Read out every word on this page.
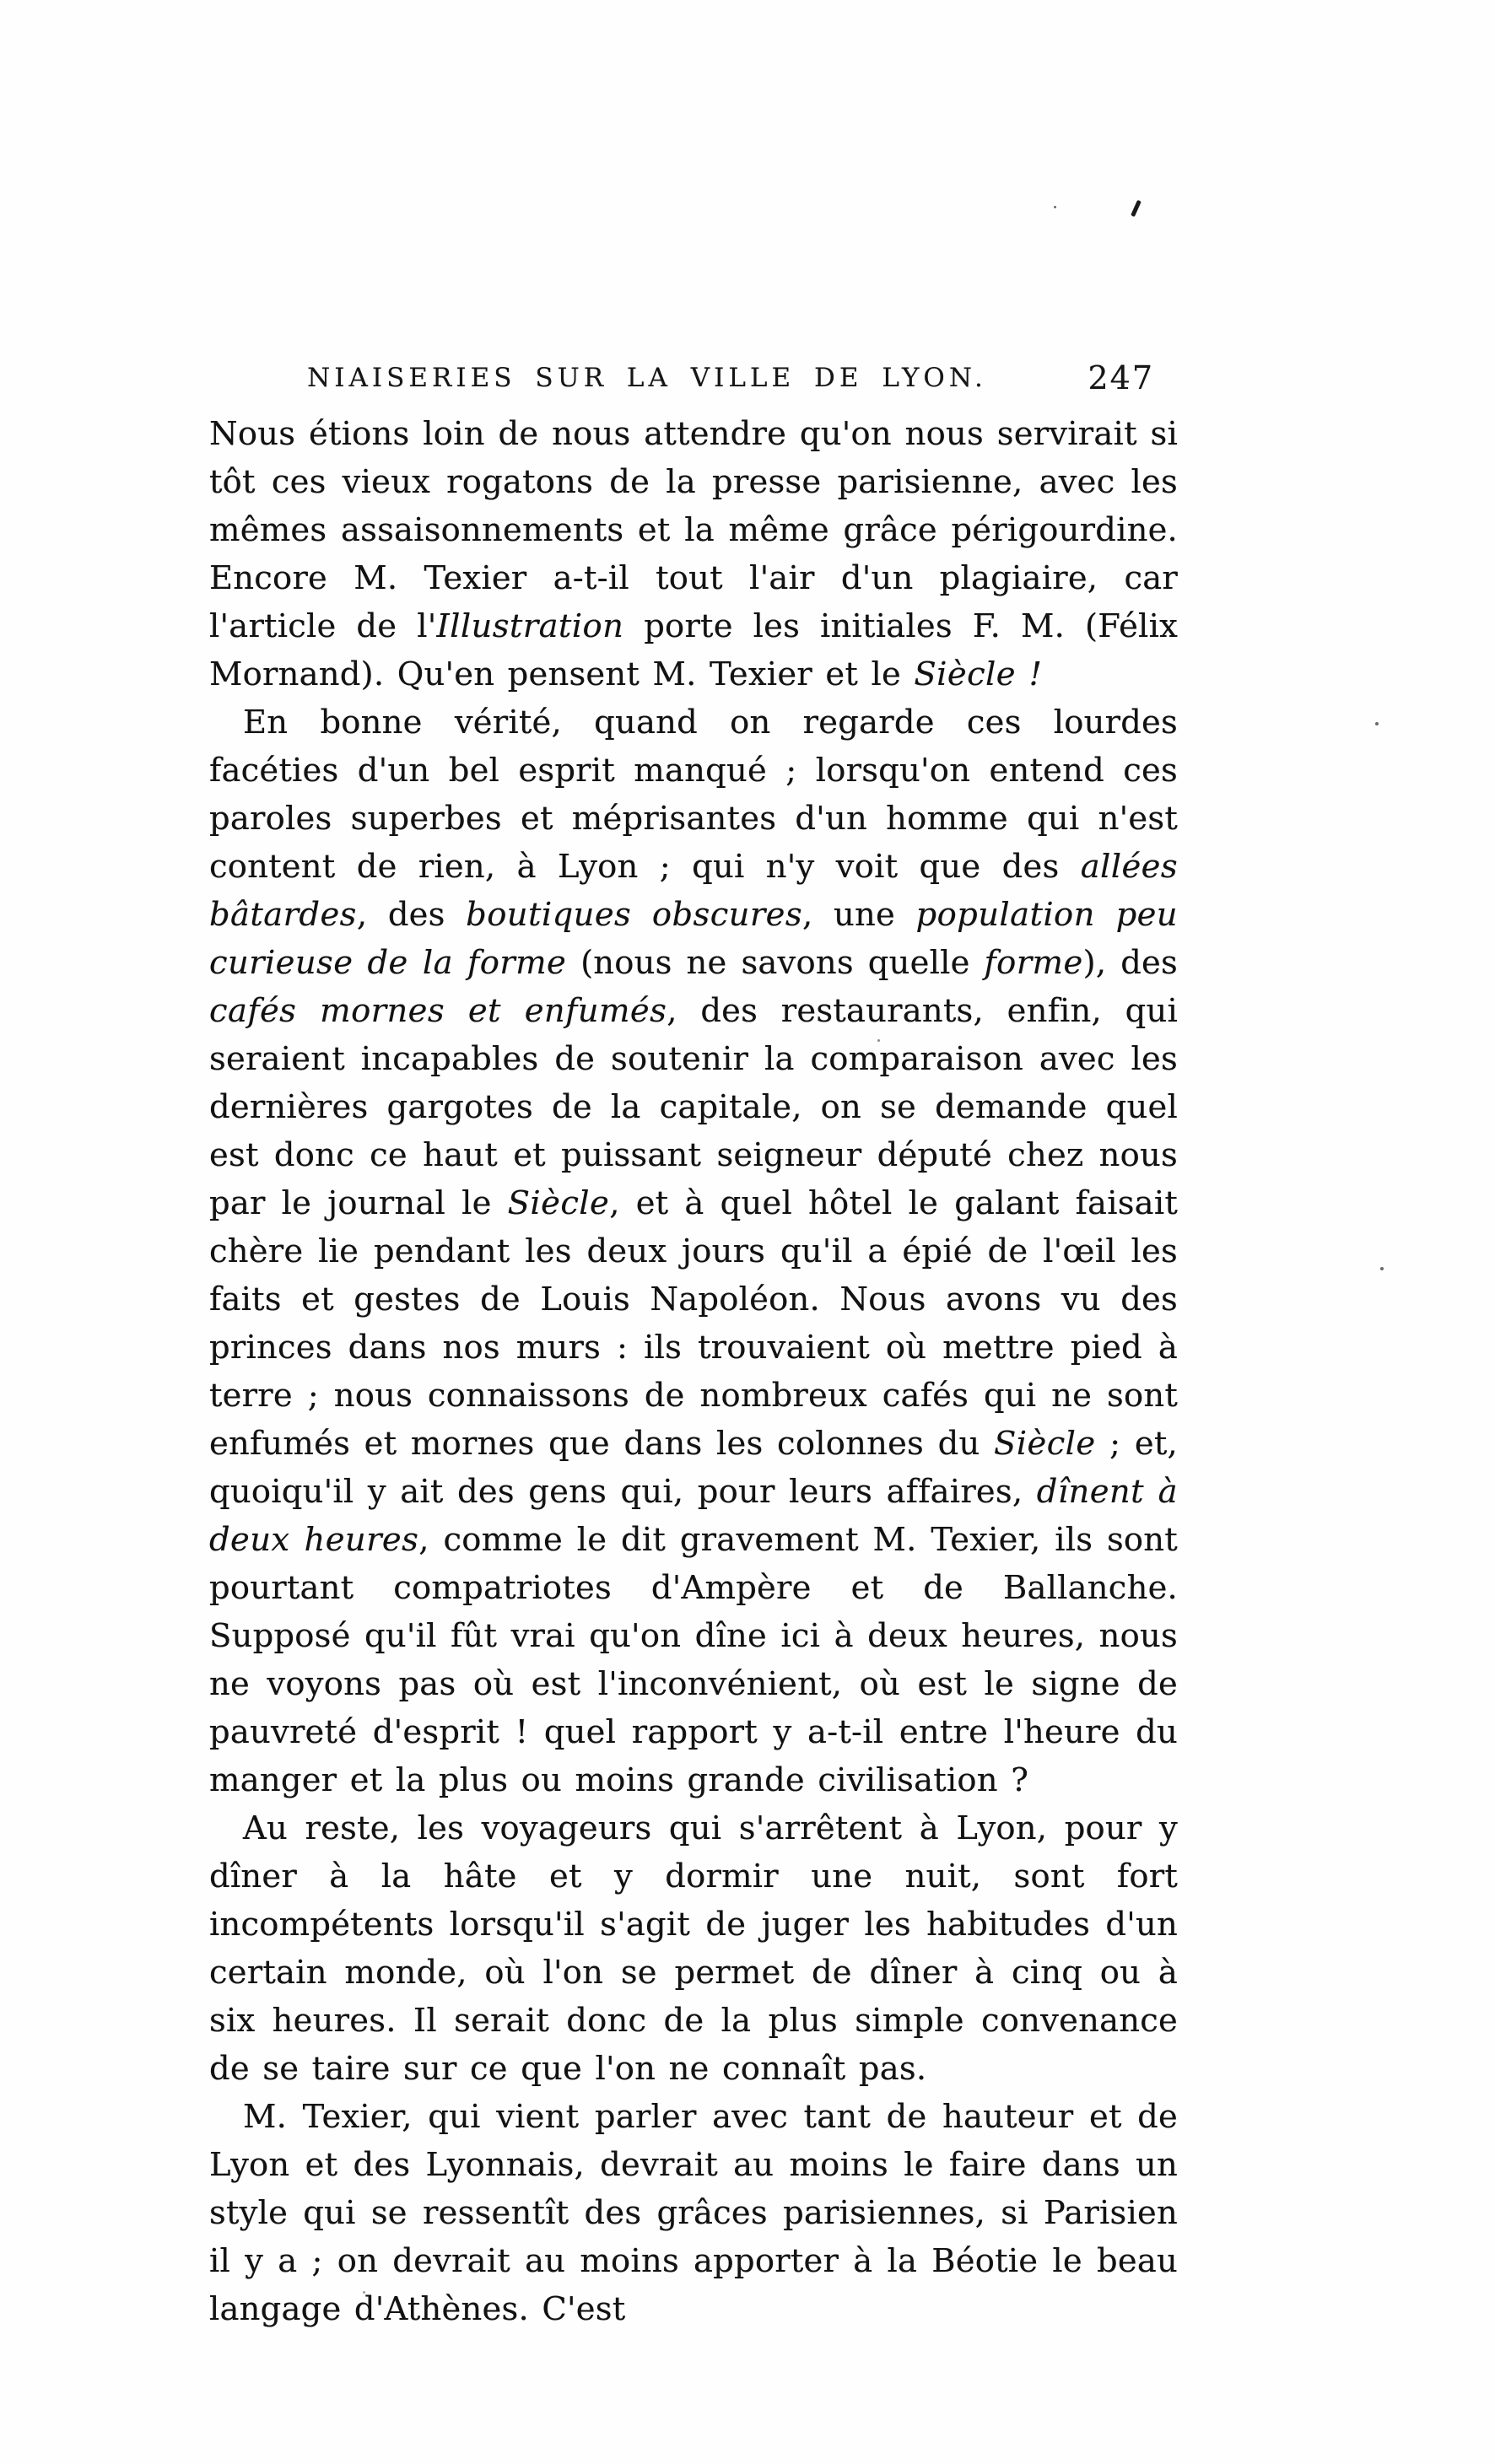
NIAISERIES SUR LA VILLE DE LYON.	247

Nous étions loin de nous attendre qu'on nous servirait si tôt ces vieux rogatons de la presse parisienne, avec les mêmes assaisonnements et la même grâce périgourdine. Encore M. Texier a-t-il tout l'air d'un plagiaire, car l'article de l'Illustration porte les initiales F. M. (Félix Mornand). Qu'en pensent M. Texier et le Siècle !

En bonne vérité, quand on regarde ces lourdes facéties d'un bel esprit manqué ; lorsqu'on entend ces paroles superbes et méprisantes d'un homme qui n'est content de rien, à Lyon ; qui n'y voit que des allées bâtardes, des boutiques obscures, une population peu curieuse de la forme (nous ne savons quelle forme), des cafés mornes et enfumés, des restaurants, enfin, qui seraient incapables de soutenir la comparaison avec les dernières gargotes de la capitale, on se demande quel est donc ce haut et puissant seigneur député chez nous par le journal le Siècle, et à quel hôtel le galant faisait chère lie pendant les deux jours qu'il a épié de l'œil les faits et gestes de Louis Napoléon. Nous avons vu des princes dans nos murs : ils trouvaient où mettre pied à terre ; nous connaissons de nombreux cafés qui ne sont enfumés et mornes que dans les colonnes du Siècle ; et, quoiqu'il y ait des gens qui, pour leurs affaires, dînent à deux heures, comme le dit gravement M. Texier, ils sont pourtant compatriotes d'Ampère et de Ballanche. Supposé qu'il fût vrai qu'on dîne ici à deux heures, nous ne voyons pas où est l'inconvénient, où est le signe de pauvreté d'esprit ! quel rapport y a-t-il entre l'heure du manger et la plus ou moins grande civilisation ?

Au reste, les voyageurs qui s'arrêtent à Lyon, pour y dîner à la hâte et y dormir une nuit, sont fort incompétents lorsqu'il s'agit de juger les habitudes d'un certain monde, où l'on se permet de dîner à cinq ou à six heures. Il serait donc de la plus simple convenance de se taire sur ce que l'on ne connaît pas.

M. Texier, qui vient parler avec tant de hauteur et de Lyon et des Lyonnais, devrait au moins le faire dans un style qui se ressentît des grâces parisiennes, si Parisien il y a ; on devrait au moins apporter à la Béotie le beau langage d'Athènes. C'est
